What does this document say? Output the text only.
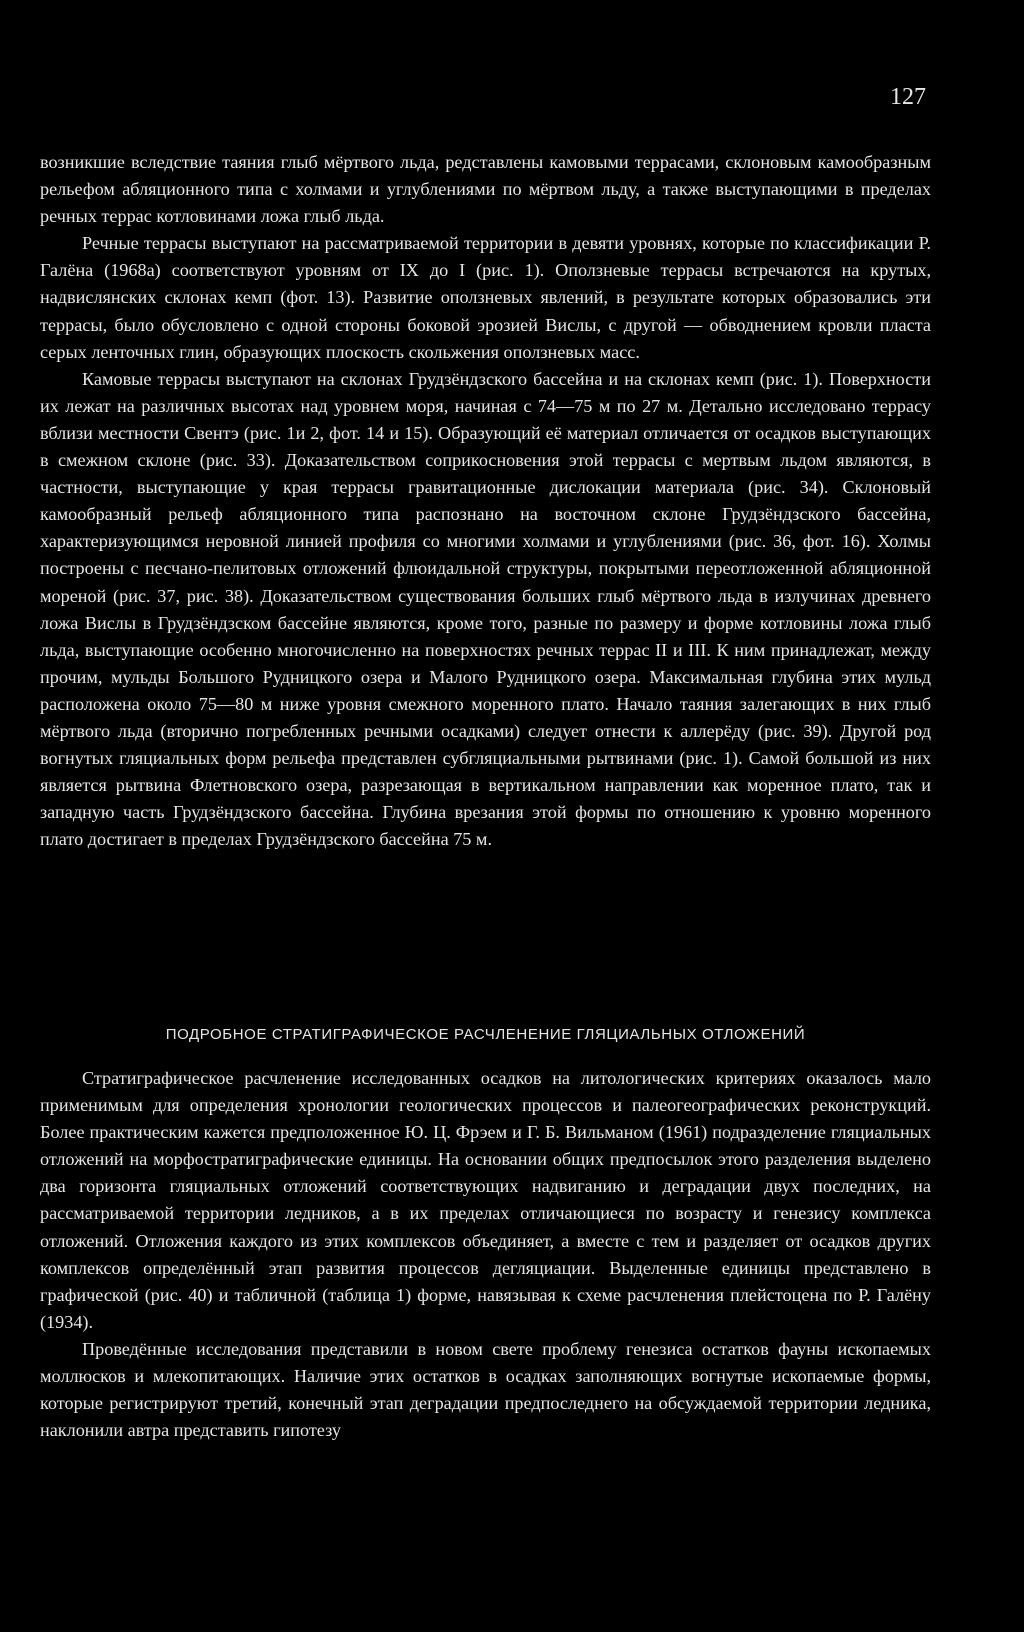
127

возникшие вследствие таяния глыб мёртвого льда, редставлены камовыми террасами, склоновым камообразным рельефом абляционного типа с холмами и углублениями по мёртвом льду, а также выступающими в пределах речных террас котловинами ложа глыб льда.

Речные террасы выступают на рассматриваемой территории в девяти уровнях, которые по классификации Р. Галёна (1968а) соответствуют уровням от IX до I (рис. 1). Оползневые террасы встречаются на крутых, надвислянских склонах кемп (фот. 13). Развитие оползневых явлений, в результате которых образовались эти террасы, было обусловлено с одной стороны боковой эрозией Вислы, с другой — обводнением кровли пласта серых ленточных глин, образующих плоскость скольжения оползневых масс.

Камовые террасы выступают на склонах Грудзёндзского бассейна и на склонах кемп (рис. 1). Поверхности их лежат на различных высотах над уровнем моря, начиная с 74—75 м по 27 м. Детально исследовано террасу вблизи местности Свентэ (рис. 1и 2, фот. 14 и 15). Образующий её материал отличается от осадков выступающих в смежном склоне (рис. 33). Доказательством соприкосновения этой террасы с мертвым льдом являются, в частности, выступающие у края террасы гравитационные дислокации материала (рис. 34). Склоновый камообразный рельеф абляционного типа распознано на восточном склоне Грудзёндзского бассейна, характеризующимся неровной линией профиля со многими холмами и углублениями (рис. 36, фот. 16). Холмы построены с песчано-пелитовых отложений флюидальной структуры, покрытыми переотложенной абляционной мореной (рис. 37, рис. 38). Доказательством существования больших глыб мёртвого льда в излучинах древнего ложа Вислы в Грудзёндзском бассейне являются, кроме того, разные по размеру и форме котловины ложа глыб льда, выступающие особенно многочисленно на поверхностях речных террас II и III. К ним принадлежат, между прочим, мульды Большого Рудницкого озера и Малого Рудницкого озера. Максимальная глубина этих мульд расположена около 75—80 м ниже уровня смежного моренного плато. Начало таяния залегающих в них глыб мёртвого льда (вторично погребленных речными осадками) следует отнести к аллерёду (рис. 39). Другой род вогнутых гляциальных форм рельефа представлен субгляциальными рытвинами (рис. 1). Самой большой из них является рытвина Флетновского озера, разрезающая в вертикальном направлении как моренное плато, так и западную часть Грудзёндзского бассейна. Глубина врезания этой формы по отношению к уровню моренного плато достигает в пределах Грудзёндзского бассейна 75 м.

ПОДРОБНОЕ СТРАТИГРАФИЧЕСКОЕ РАСЧЛЕНЕНИЕ ГЛЯЦИАЛЬНЫХ ОТЛОЖЕНИЙ

Стратиграфическое расчленение исследованных осадков на литологических критериях оказалось мало применимым для определения хронологии геологических процессов и палеогеографических реконструкций. Более практическим кажется предположенное Ю. Ц. Фрэем и Г. Б. Вильманом (1961) подразделение гляциальных отложений на морфостратиграфические единицы. На основании общих предпосылок этого разделения выделено два горизонта гляциальных отложений соответствующих надвиганию и деградации двух последних, на рассматриваемой территории ледников, а в их пределах отличающиеся по возрасту и генезису комплекса отложений. Отложения каждого из этих комплексов объединяет, а вместе с тем и разделяет от осадков других комплексов определённый этап развития процессов дегляциации. Выделенные единицы представлено в графической (рис. 40) и табличной (таблица 1) форме, навязывая к схеме расчленения плейстоцена по Р. Галёну (1934).

Проведённые исследования представили в новом свете проблему генезиса остатков фауны ископаемых моллюсков и млекопитающих. Наличие этих остатков в осадках заполняющих вогнутые ископаемые формы, которые регистрируют третий, конечный этап деградации предпоследнего на обсуждаемой территории ледника, наклонили автра представить гипотезу
